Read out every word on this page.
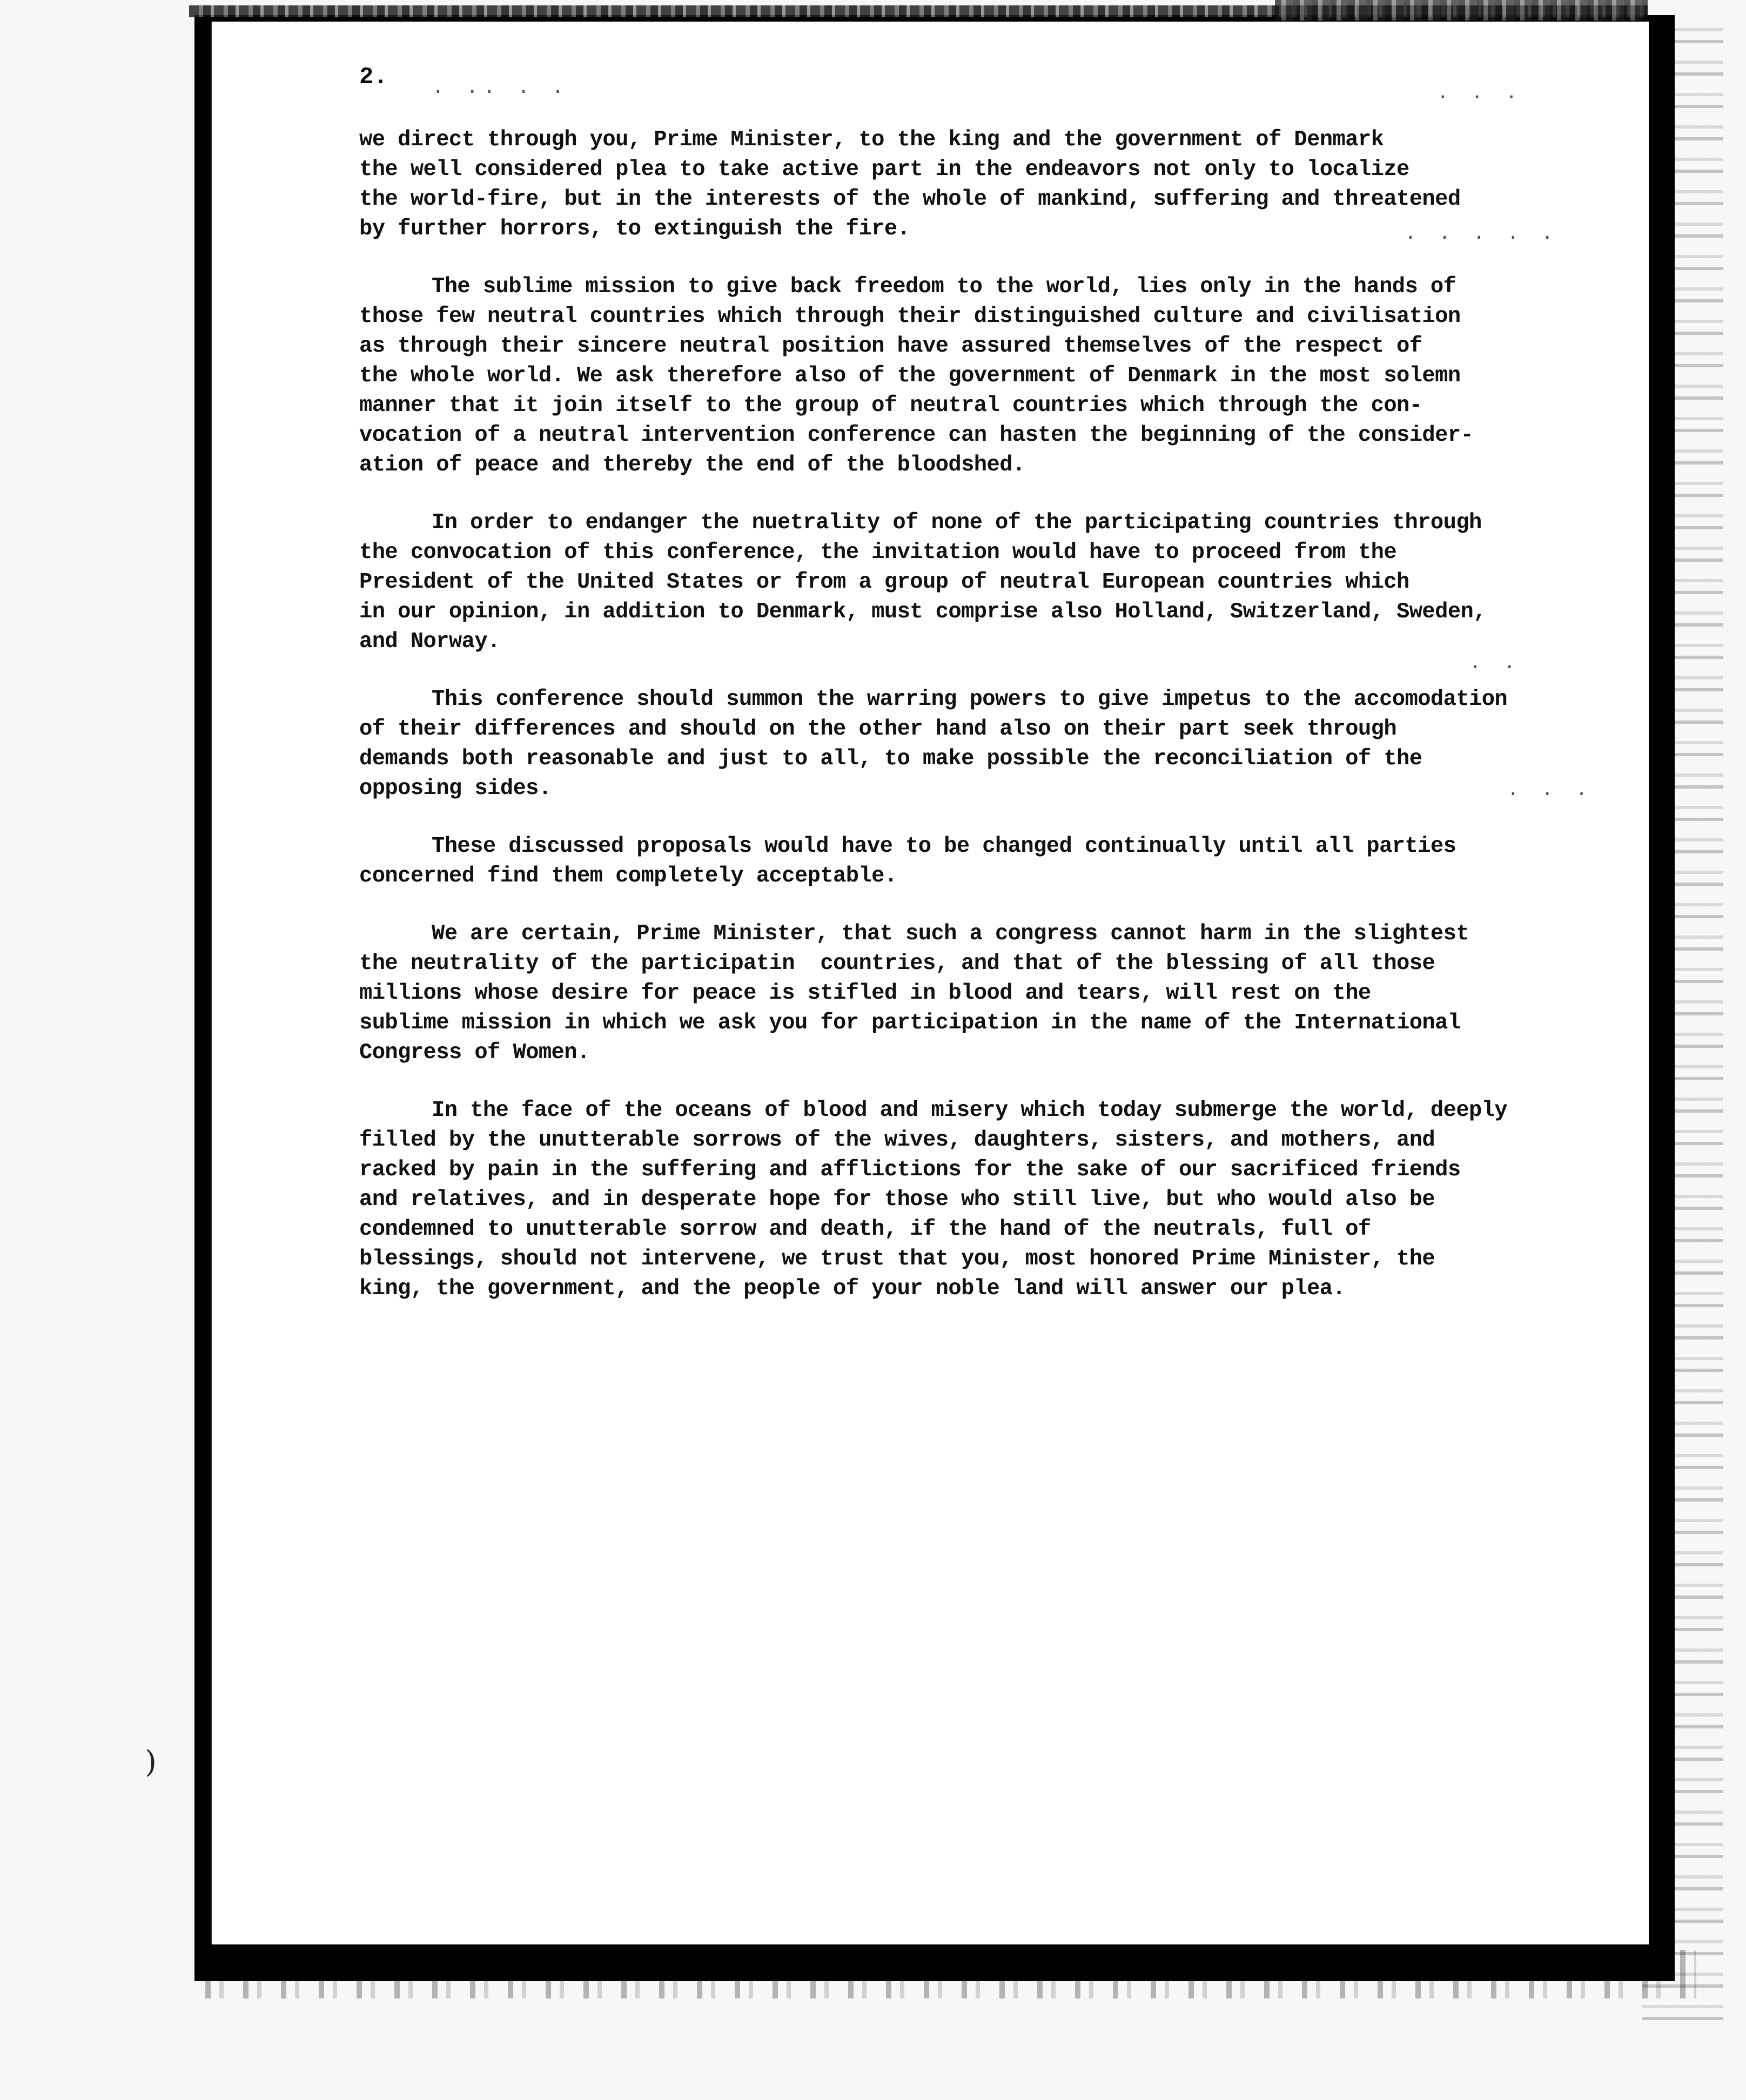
2.
· ·· · ·	· · ·
· · · · ·
· ·
· · ·
we direct through you, Prime Minister, to the king and the government of Denmark
the well considered plea to take active part in the endeavors not only to localize
the world-fire, but in the interests of the whole of mankind, suffering and threatened
by further horrors, to extinguish the fire.
The sublime mission to give back freedom to the world, lies only in the hands of
those few neutral countries which through their distinguished culture and civilisation
as through their sincere neutral position have assured themselves of the respect of
the whole world. We ask therefore also of the government of Denmark in the most solemn
manner that it join itself to the group of neutral countries which through the con-
vocation of a neutral intervention conference can hasten the beginning of the consider-
ation of peace and thereby the end of the bloodshed.
In order to endanger the nuetrality of none of the participating countries through
the convocation of this conference, the invitation would have to proceed from the
President of the United States or from a group of neutral European countries which
in our opinion, in addition to Denmark, must comprise also Holland, Switzerland, Sweden,
and Norway.
This conference should summon the warring powers to give impetus to the accomodation
of their differences and should on the other hand also on their part seek through
demands both reasonable and just to all, to make possible the reconciliation of the
opposing sides.
These discussed proposals would have to be changed continually until all parties
concerned find them completely acceptable.
We are certain, Prime Minister, that such a congress cannot harm in the slightest
the neutrality of the participatin  countries, and that of the blessing of all those
millions whose desire for peace is stifled in blood and tears, will rest on the
sublime mission in which we ask you for participation in the name of the International
Congress of Women.
In the face of the oceans of blood and misery which today submerge the world, deeply
filled by the unutterable sorrows of the wives, daughters, sisters, and mothers, and
racked by pain in the suffering and afflictions for the sake of our sacrificed friends
and relatives, and in desperate hope for those who still live, but who would also be
condemned to unutterable sorrow and death, if the hand of the neutrals, full of
blessings, should not intervene, we trust that you, most honored Prime Minister, the
king, the government, and the people of your noble land will answer our plea.
)
